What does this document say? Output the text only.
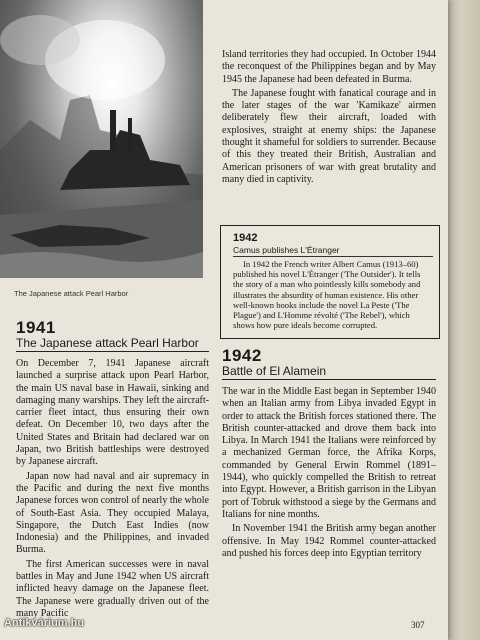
The Japanese attack Pearl Harbor
1941
The Japanese attack Pearl Harbor

On December 7, 1941 Japanese aircraft launched a surprise attack upon Pearl Harbor, the main US naval base in Hawaii, sinking and damaging many warships. They left the aircraft-carrier fleet intact, thus ensuring their own defeat. On December 10, two days after the United States and Britain had declared war on Japan, two British battleships were destroyed by Japanese aircraft.

Japan now had naval and air supremacy in the Pacific and during the next five months Japanese forces won control of nearly the whole of South-East Asia. They occupied Malaya, Singapore, the Dutch East Indies (now Indonesia) and the Philippines, and invaded Burma.

The first American successes were in naval battles in May and June 1942 when US aircraft inflicted heavy damage on the Japanese fleet. The Japanese were gradually driven out of the many Pacific

Island territories they had occupied. In October 1944 the reconquest of the Philippines began and by May 1945 the Japanese had been defeated in Burma.

The Japanese fought with fanatical courage and in the later stages of the war 'Kamikaze' airmen deliberately flew their aircraft, loaded with explosives, straight at enemy ships: the Japanese thought it shameful for soldiers to surrender. Because of this they treated their British, Australian and American prisoners of war with great brutality and many died in captivity.

1942
Camus publishes L'Étranger

In 1942 the French writer Albert Camus (1913–60) published his novel L'Étranger ('The Outsider'). It tells the story of a man who pointlessly kills somebody and illustrates the absurdity of human existence. His other well-known books include the novel La Peste ('The Plague') and L'Homme révolté ('The Rebel'), which shows how pure ideals become corrupted.

1942
Battle of El Alamein

The war in the Middle East began in September 1940 when an Italian army from Libya invaded Egypt in order to attack the British forces stationed there. The British counter-attacked and drove them back into Libya. In March 1941 the Italians were reinforced by a mechanized German force, the Afrika Korps, commanded by General Erwin Rommel (1891–1944), who quickly compelled the British to retreat into Egypt. However, a British garrison in the Libyan port of Tobruk withstood a siege by the Germans and Italians for nine months.

In November 1941 the British army began another offensive. In May 1942 Rommel counter-attacked and pushed his forces deep into Egyptian territory

307
Antikvárium.hu
